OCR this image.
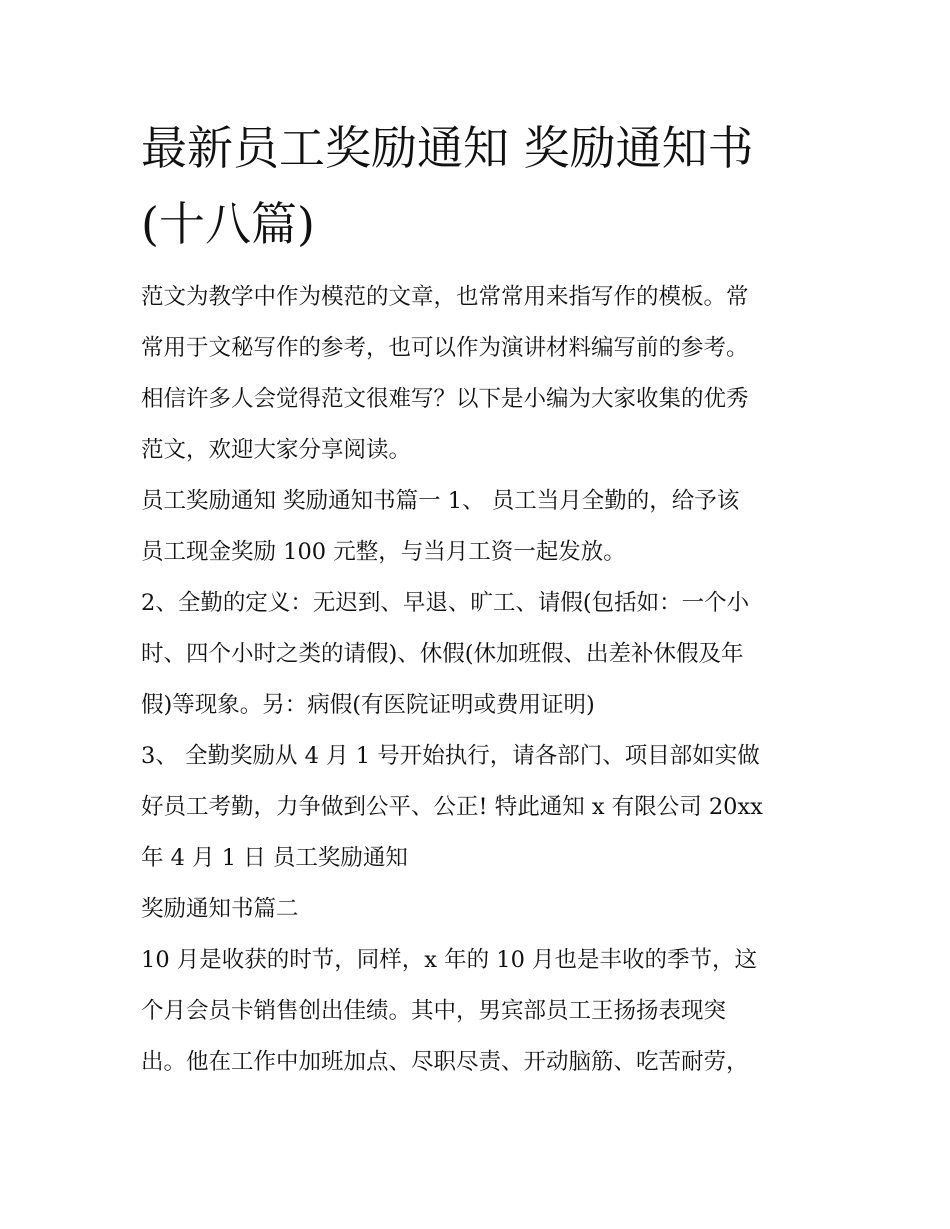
最新员工奖励通知 奖励通知书
(十八篇)

范文为教学中作为模范的文章，也常常用来指写作的模板。常
常用于文秘写作的参考，也可以作为演讲材料编写前的参考。
相信许多人会觉得范文很难写？以下是小编为大家收集的优秀
范文，欢迎大家分享阅读。

员工奖励通知 奖励通知书篇一 1、 员工当月全勤的，给予该
员工现金奖励 100 元整，与当月工资一起发放。

2、全勤的定义：无迟到、早退、旷工、请假(包括如：一个小
时、四个小时之类的请假)、休假(休加班假、出差补休假及年
假)等现象。另：病假(有医院证明或费用证明)

3、 全勤奖励从 4 月 1 号开始执行，请各部门、项目部如实做
好员工考勤，力争做到公平、公正! 特此通知 x 有限公司 20xx
年 4 月 1 日 员工奖励通知

奖励通知书篇二

10 月是收获的时节，同样，x 年的 10 月也是丰收的季节，这
个月会员卡销售创出佳绩。其中，男宾部员工王扬扬表现突
出。他在工作中加班加点、尽职尽责、开动脑筋、吃苦耐劳，
